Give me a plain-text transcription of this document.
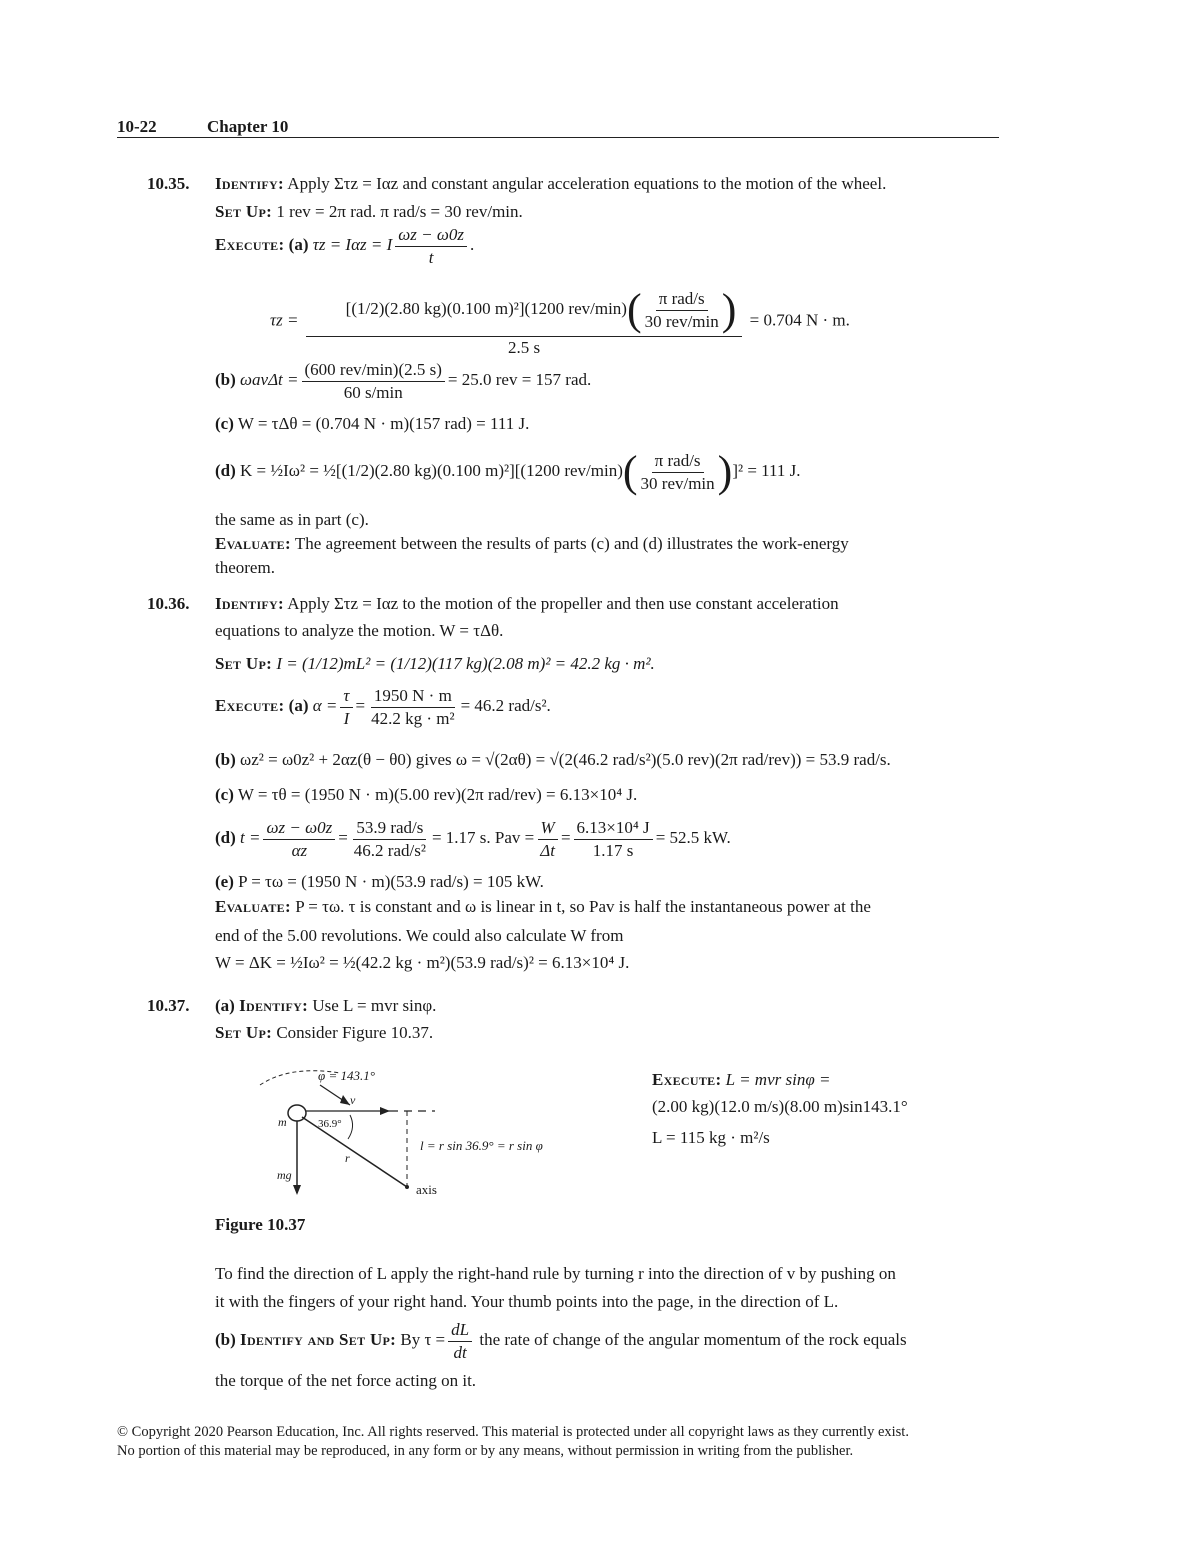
10-22	Chapter 10
10.35. Identify: Apply Στz = Iαz and constant angular acceleration equations to the motion of the wheel.
Set Up: 1 rev = 2π rad. π rad/s = 30 rev/min.
Execute: (a) τz = Iαz = I $\frac{\omega z - \omega 0z}{t}$ .
$\tau z = \frac{[(1/2)(2.80 kg)(0.100 m)^2](1200 rev/\min)( \frac{\text{π rad/s}}{\text{30 rev/min}} )}{2.5 s} = 0.704$ N · m.
(b) $\omega av\Delta t = \frac{\text{(600 rev/min)(2.5 s)}}{60 s/\min} = 25.0$ rev = 157 rad.
(c) W = τΔθ = (0.704 N · m)(157 rad) = 111 J.
(d) K = ½Iω² = ½[(1/2)(2.80 kg)(0.100 m)²][(1200 $rev/\min)( \frac{\text{π rad/s}}{\text{30 rev/min}} )]^2 = 111$ J.
the same as in part (c).
Evaluate: The agreement between the results of parts (c) and (d) illustrates the work-energy
theorem.
10.36. Identify: Apply Στz = Iαz to the motion of the propeller and then use constant acceleration
equations to analyze the motion. W = τΔθ.
Set Up: I = (1/12)mL² = (1/12)(117 kg)(2.08 m)² = 42.2 kg · m².
Execute: (a) $\alpha = \frac{\tau}{I} = \frac{1950 N \cdot m}{\text{42.2 kg · m²}} = 46.2$ rad/s².
(b) ωz² = ω0z² + 2αz(θ − θ0) gives ω = √(2αθ) = √(2(46.2 rad/s²)(5.0 rev)(2π rad/rev)) = 53.9 rad/s.
(c) W = τθ = (1950 N · m)(5.00 rev)(2π rad/rev) = 6.13×10⁴ J.
(d) $t = \frac{\omega z - \omega 0z}{\alpha z} = \frac{\text{53.9 rad/s}}{\text{46.2 rad/s²}} = 1.17$ s. Pav = $\frac{W}{\Delta t} = \frac{\text{6.13×10⁴ J}}{1.17 s} = 52.5$ kW.
(e) P = τω = (1950 N · m)(53.9 rad/s) = 105 kW.
Evaluate: P = τω. τ is constant and ω is linear in t, so Pav is half the instantaneous power at the
end of the 5.00 revolutions. We could also calculate W from
W = ΔK = ½Iω² = ½(42.2 kg · m²)(53.9 rad/s)² = 6.13×10⁴ J.
10.37. (a) Identify: Use L = mvr sinφ.
Set Up: Consider Figure 10.37.
φ = 143.1°
v
m	36.9°
l = r sin 36.9° = r sin φ
r
mg
axis
Figure 10.37
Execute: L = mvr sinφ =
(2.00 kg)(12.0 m/s)(8.00 m)sin143.1°
L = 115 kg · m²/s
To find the direction of L apply the right-hand rule by turning r into the direction of v by pushing on
it with the fingers of your right hand. Your thumb points into the page, in the direction of L.
(b) Identify and Set Up: By $\tau = \frac{dL}{dt}$ the rate of change of the angular momentum of the rock equals
the torque of the net force acting on it.
© Copyright 2020 Pearson Education, Inc. All rights reserved. This material is protected under all copyright laws as they currently exist.
No portion of this material may be reproduced, in any form or by any means, without permission in writing from the publisher.
